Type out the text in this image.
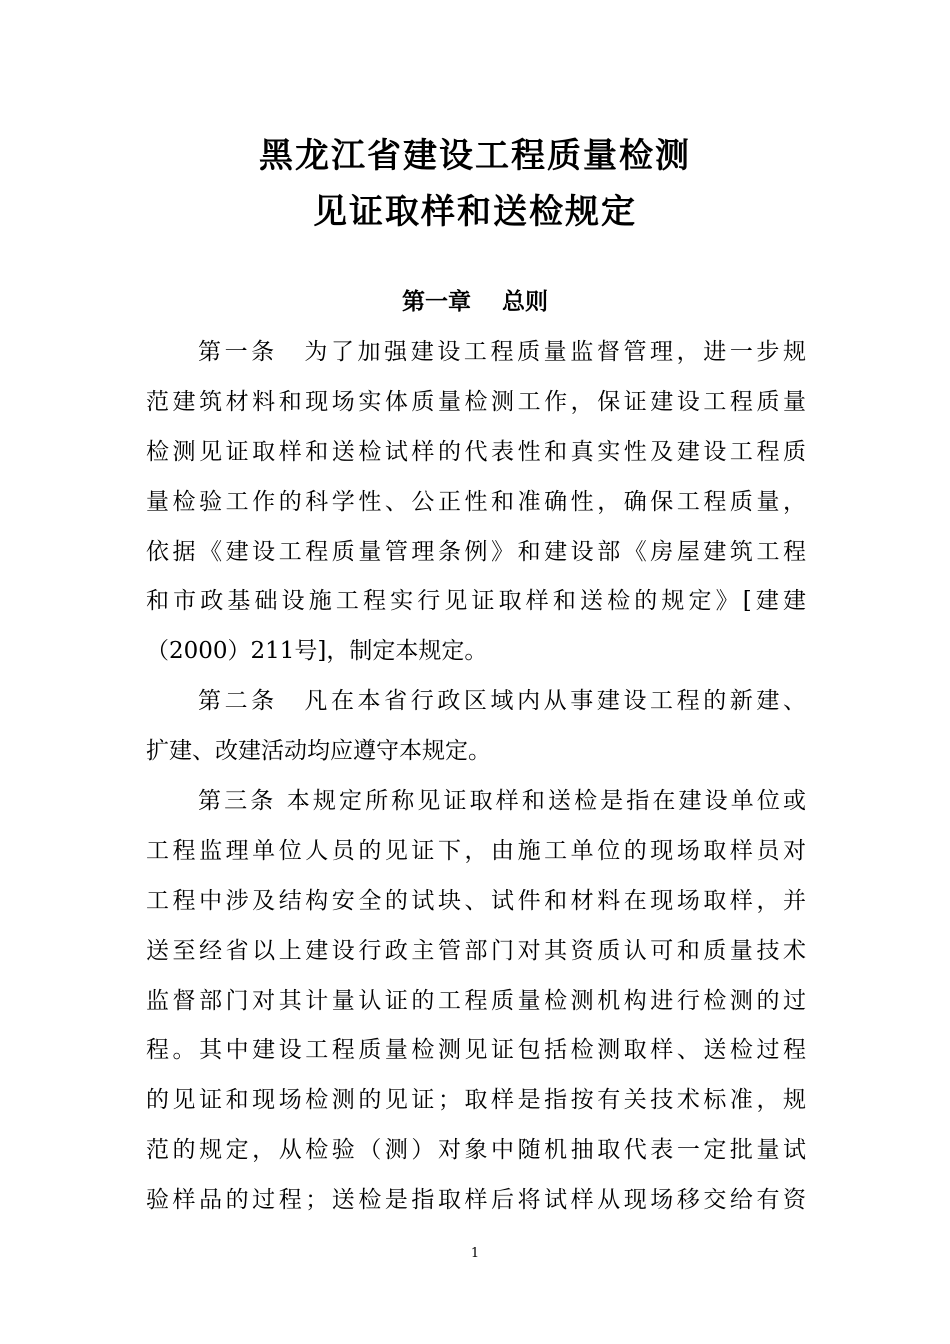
黑龙江省建设工程质量检测
见证取样和送检规定
第一章　 总则
第一条　为了加强建设工程质量监督管理，进一步规
范建筑材料和现场实体质量检测工作，保证建设工程质量
检测见证取样和送检试样的代表性和真实性及建设工程质
量检验工作的科学性、公正性和准确性，确保工程质量，
依据《建设工程质量管理条例》和建设部《房屋建筑工程
和市政基础设施工程实行见证取样和送检的规定》[建建
（2000）211号]，制定本规定。
第二条　凡在本省行政区域内从事建设工程的新建、
扩建、改建活动均应遵守本规定。
第三条 本规定所称见证取样和送检是指在建设单位或
工程监理单位人员的见证下，由施工单位的现场取样员对
工程中涉及结构安全的试块、试件和材料在现场取样，并
送至经省以上建设行政主管部门对其资质认可和质量技术
监督部门对其计量认证的工程质量检测机构进行检测的过
程。其中建设工程质量检测见证包括检测取样、送检过程
的见证和现场检测的见证；取样是指按有关技术标准，规
范的规定，从检验（测）对象中随机抽取代表一定批量试
验样品的过程；送检是指取样后将试样从现场移交给有资
1
